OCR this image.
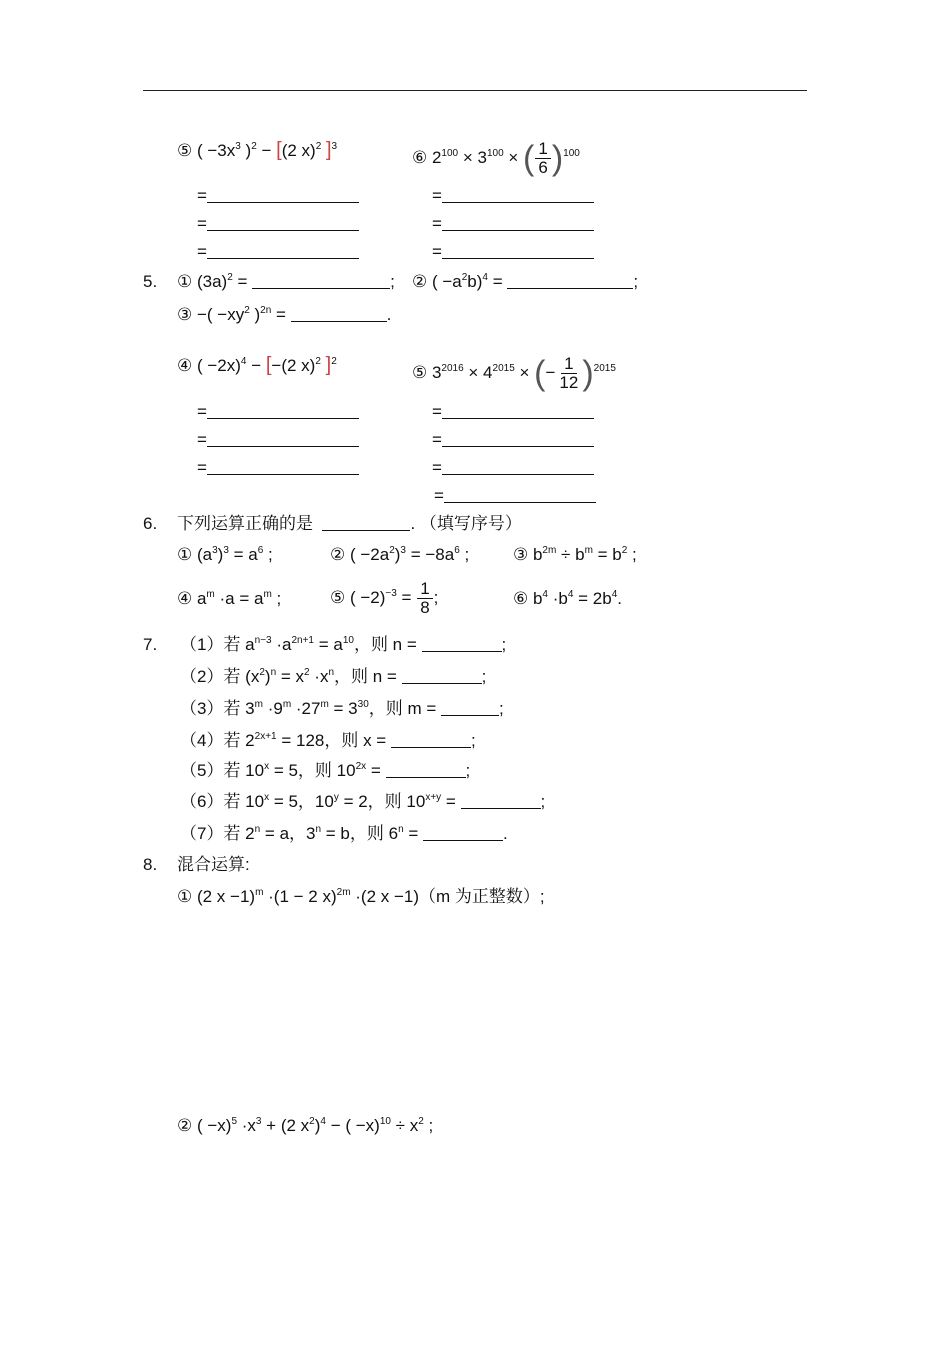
⑤ ( $-3x^3$ )$^2$ − [(2 x)$^2$ ]$^3$
⑥ $2^{100} \times 3^{100}$ × ( $\frac{1}{6} )^{100}$
=
=
=
=
=
=
5. ① $(3a)^2$ =	; ② ( $-a^2b)^4$ =	;
③ −( $-xy^2$ )$^{2n}$ =	.
④ ( −2x)$^4$ − [−(2 x)$^2$ ]$^2$
⑤ $3^{2016} \times 4^{2015}$ × (− $\frac{1}{12} )^{2015}$
=
=
=
=
=
=
=
6. 下列运算正确的是	. （填写序号）
① $(a^3)^3 = a^6$ ;	② ( $-2a^2)^3 = -8a^6$ ;	③ $b^{2m} \div b^m = b^2$ ;
④ $a^m \cdot a = a^m$ ;	⑤ ( $-2)^{-3} = \frac{1}{8}$ ;	⑥ $b^4 \cdot b^4 = 2b^4$.
7. （1）若 $a^{n-3} \cdot a^{2n+1} = a^{10}$，则 n =	;
（2）若 $(x^2)^n = x^2 \cdot x^n$，则 n =	;
（3）若 $3^m \cdot 9^m \cdot 27^m = 3^{30}$，则 m =	;
（4）若 $2^{2x+1} = 128$，则 x =	;
（5）若 $10^x = 5$，则 $10^{2x}$ =	;
（6）若 $10^x = 5$，$10^y = 2$，则 $10^{x+y}$ =	;
（7）若 $2^n = a$，$3^n = b$，则 $6^n$ =	.
8. 混合运算:
① (2 x −1)$^m$ ·(1 − 2 x)$^{2m}$ ·(2 x −1)（m 为正整数）;
② ( $-x)^5 \cdot x^3 + (2$ $x^2)^4$ − ( $-x)^{10} \div x^2$ ;
